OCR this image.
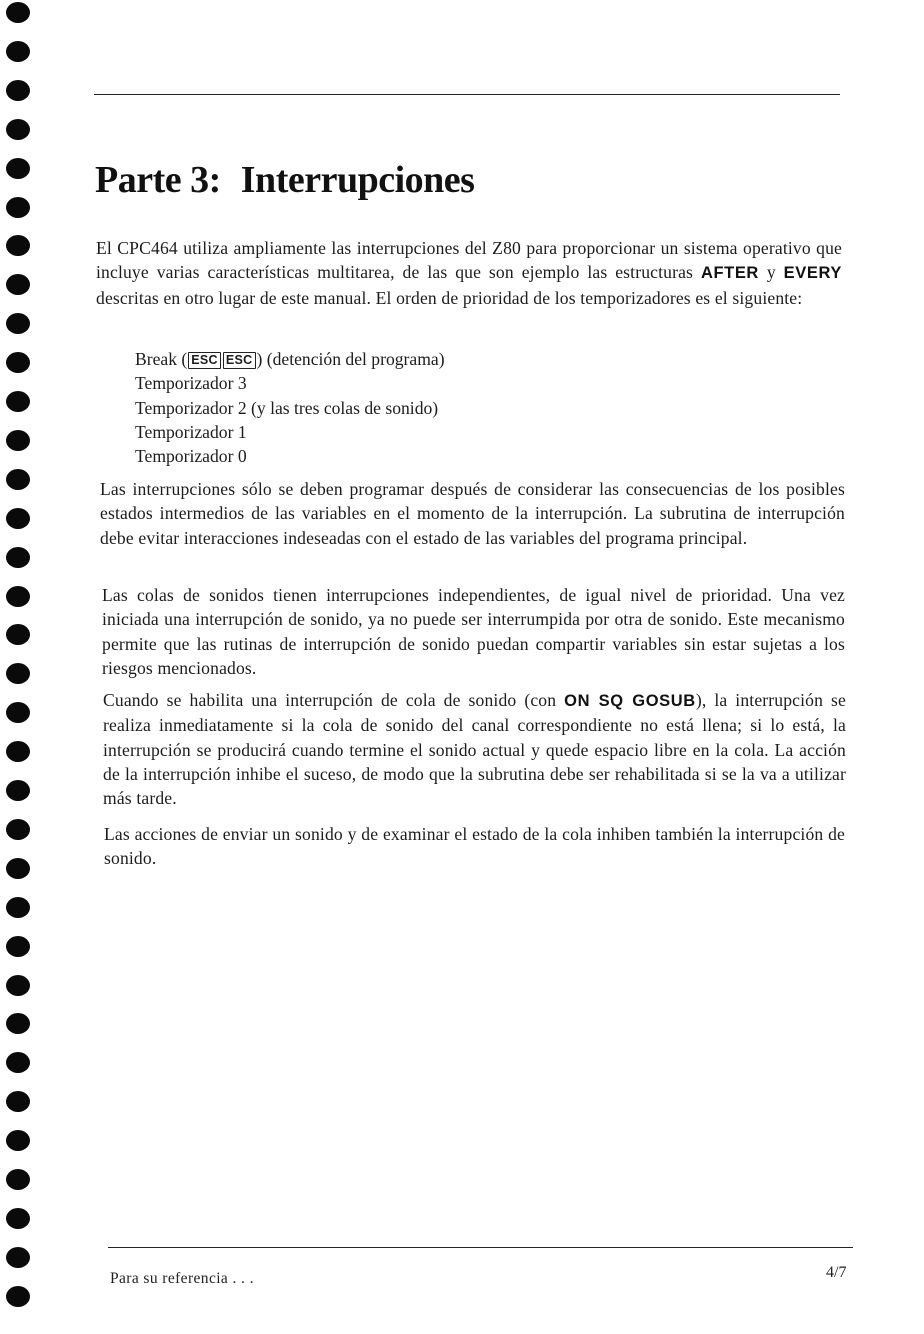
Parte 3: Interrupciones

El CPC464 utiliza ampliamente las interrupciones del Z80 para proporcionar un sistema operativo que incluye varias características multitarea, de las que son ejemplo las estructuras AFTER y EVERY descritas en otro lugar de este manual. El orden de prioridad de los temporizadores es el siguiente:

Break ( ESC ESC ) (detención del programa)
Temporizador 3
Temporizador 2 (y las tres colas de sonido)
Temporizador 1
Temporizador 0

Las interrupciones sólo se deben programar después de considerar las consecuencias de los posibles estados intermedios de las variables en el momento de la interrupción. La subrutina de interrupción debe evitar interacciones indeseadas con el estado de las variables del programa principal.

Las colas de sonidos tienen interrupciones independientes, de igual nivel de prioridad. Una vez iniciada una interrupción de sonido, ya no puede ser interrumpida por otra de sonido. Este mecanismo permite que las rutinas de interrupción de sonido puedan compartir variables sin estar sujetas a los riesgos mencionados.

Cuando se habilita una interrupción de cola de sonido (con ON SQ GOSUB), la interrupción se realiza inmediatamente si la cola de sonido del canal correspondiente no está llena; si lo está, la interrupción se producirá cuando termine el sonido actual y quede espacio libre en la cola. La acción de la interrupción inhibe el suceso, de modo que la subrutina debe ser rehabilitada si se la va a utilizar más tarde.

Las acciones de enviar un sonido y de examinar el estado de la cola inhiben también la interrupción de sonido.

Para su referencia . . .	4/7
